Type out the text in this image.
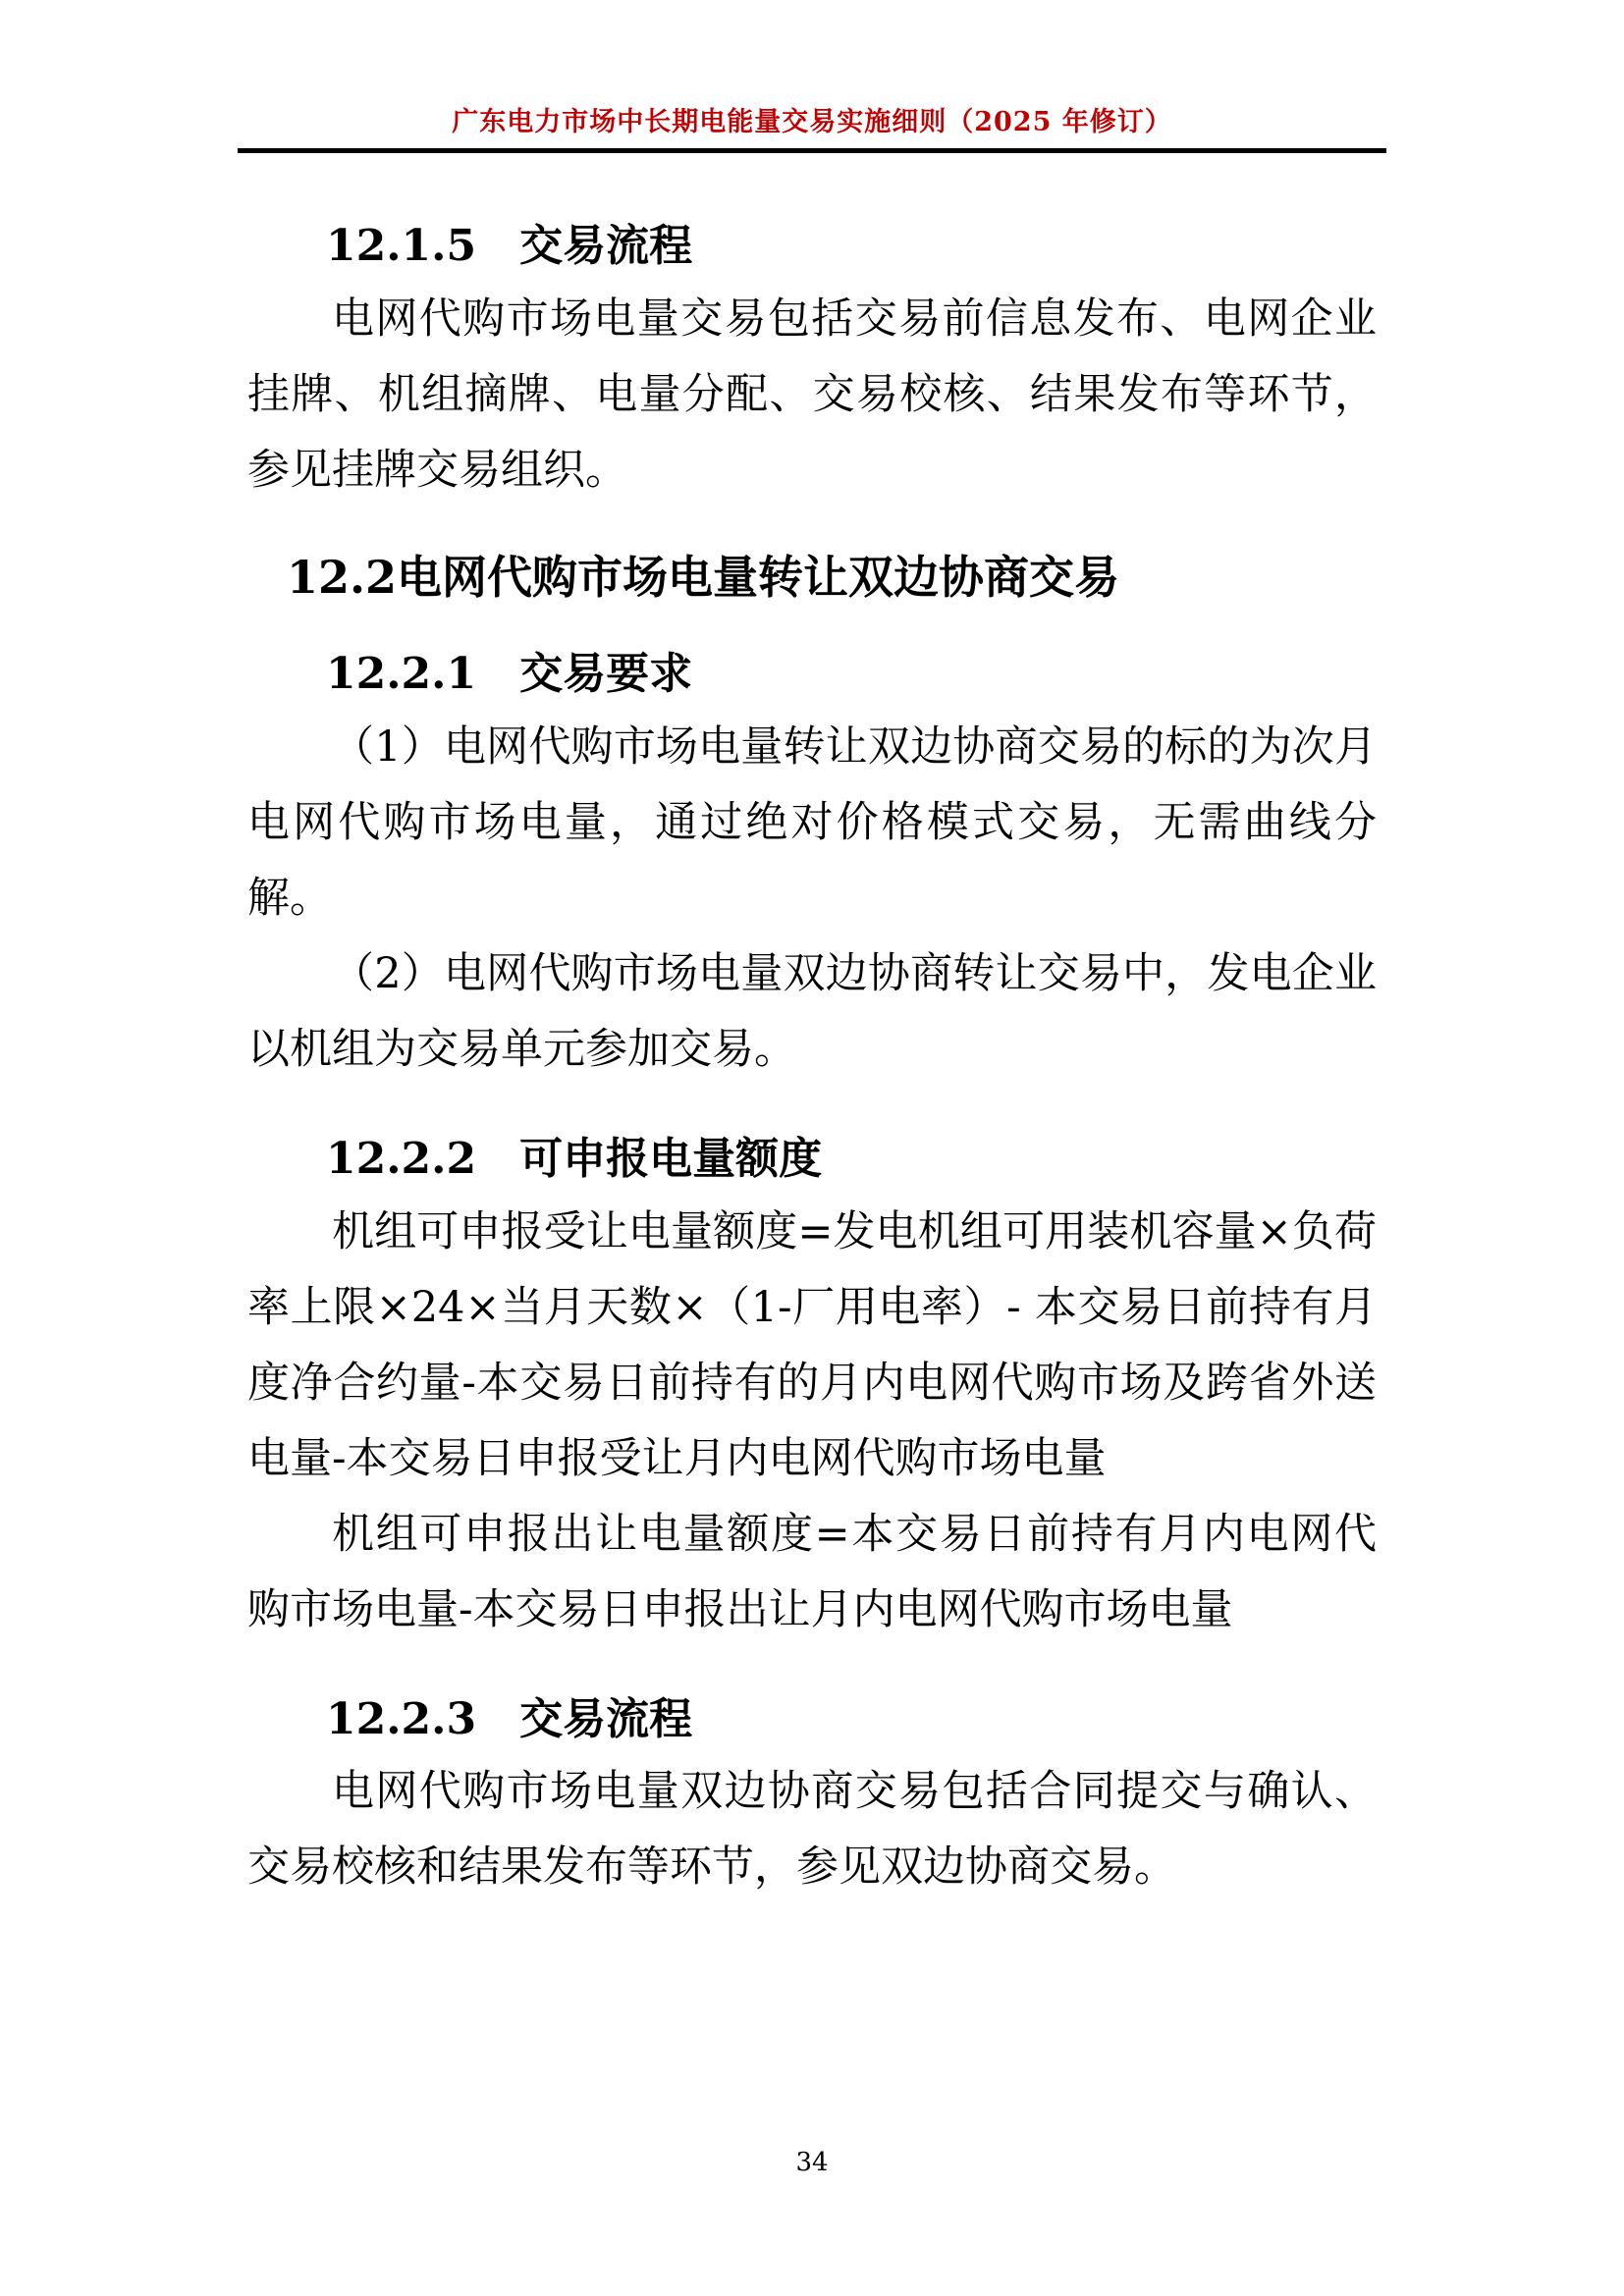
广东电力市场中长期电能量交易实施细则（2025 年修订）
12.1.5　交易流程

电网代购市场电量交易包括交易前信息发布、电网企业挂牌、机组摘牌、电量分配、交易校核、结果发布等环节，参见挂牌交易组织。

12.2电网代购市场电量转让双边协商交易
12.2.1　交易要求

（1）电网代购市场电量转让双边协商交易的标的为次月电网代购市场电量，通过绝对价格模式交易，无需曲线分解。

（2）电网代购市场电量双边协商转让交易中，发电企业以机组为交易单元参加交易。

12.2.2　可申报电量额度

机组可申报受让电量额度=发电机组可用装机容量×负荷率上限×24×当月天数×（1-厂用电率）- 本交易日前持有月度净合约量-本交易日前持有的月内电网代购市场及跨省外送电量-本交易日申报受让月内电网代购市场电量

机组可申报出让电量额度=本交易日前持有月内电网代购市场电量-本交易日申报出让月内电网代购市场电量

12.2.3　交易流程

电网代购市场电量双边协商交易包括合同提交与确认、交易校核和结果发布等环节，参见双边协商交易。

34
